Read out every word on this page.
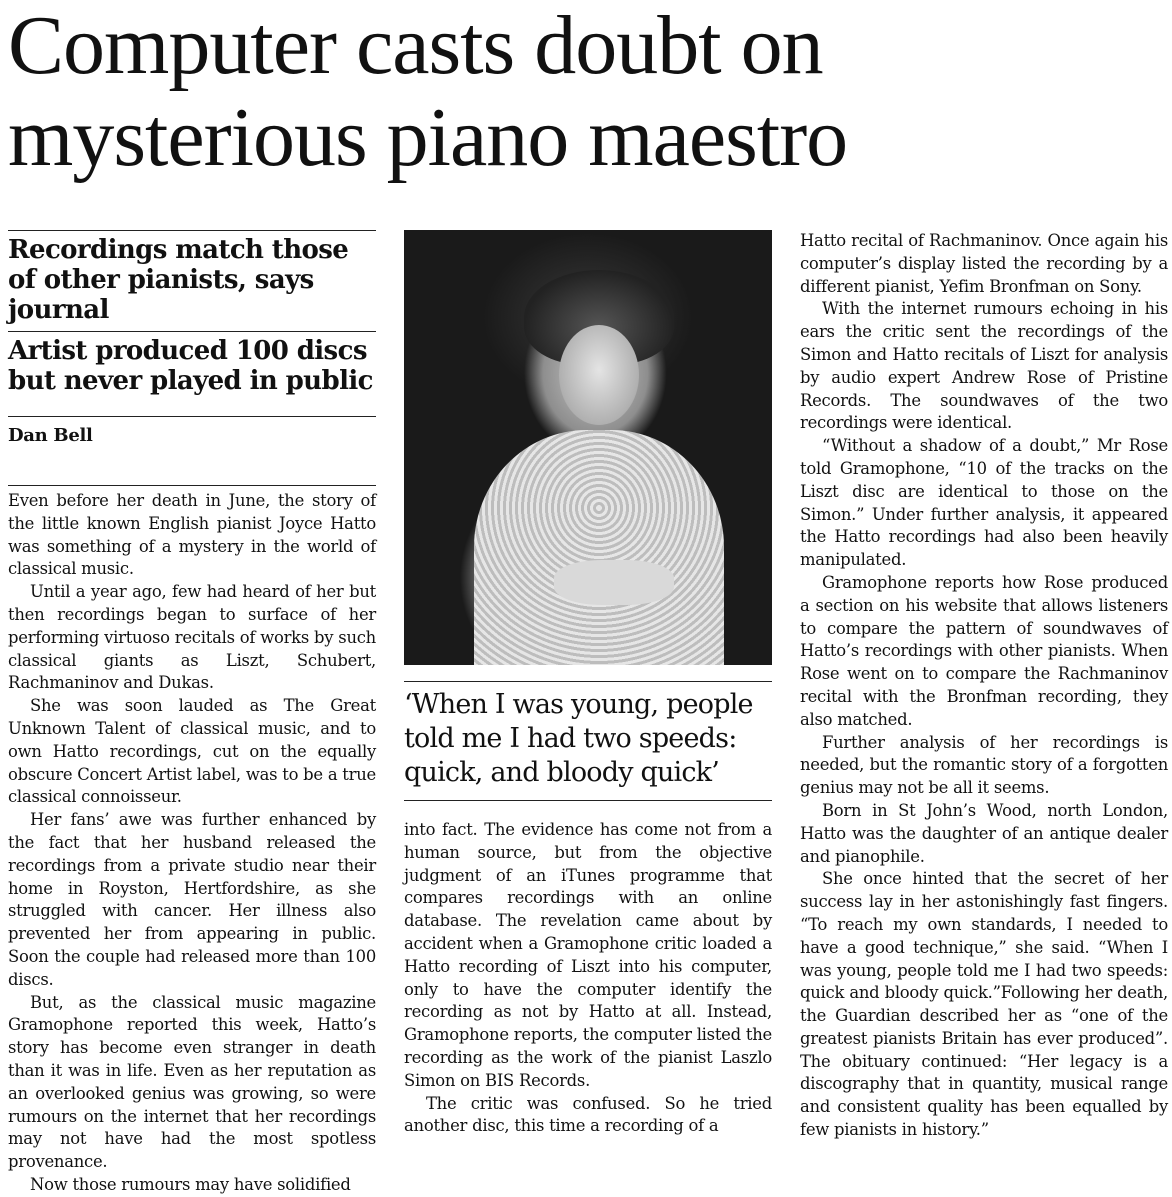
Computer casts doubt on mysterious piano maestro
Recordings match those of other pianists, says journal
Artist produced 100 discs but never played in public
Dan Bell

Even before her death in June, the story of the little known English pianist Joyce Hatto was something of a mystery in the world of classical music.

Until a year ago, few had heard of her but then recordings began to surface of her performing virtuoso recitals of works by such classical giants as Liszt, Schubert, Rachmaninov and Dukas.

She was soon lauded as The Great Unknown Talent of classical music, and to own Hatto recordings, cut on the equally obscure Concert Artist label, was to be a true classical connoisseur.

Her fans’ awe was further enhanced by the fact that her husband released the recordings from a private studio near their home in Royston, Hertfordshire, as she struggled with cancer. Her illness also prevented her from appearing in public. Soon the couple had released more than 100 discs.

But, as the classical music magazine Gramophone reported this week, Hatto’s story has become even stranger in death than it was in life. Even as her reputation as an overlooked genius was growing, so were rumours on the internet that her recordings may not have had the most spotless provenance.

Now those rumours may have solidified

‘When I was young, people told me I had two speeds: quick, and bloody quick’

into fact. The evidence has come not from a human source, but from the objective judgment of an iTunes programme that compares recordings with an online database. The revelation came about by accident when a Gramophone critic loaded a Hatto recording of Liszt into his computer, only to have the computer identify the recording as not by Hatto at all. Instead, Gramophone reports, the computer listed the recording as the work of the pianist Laszlo Simon on BIS Records.

The critic was confused. So he tried another disc, this time a recording of a

Hatto recital of Rachmaninov. Once again his computer’s display listed the recording by a different pianist, Yefim Bronfman on Sony.

With the internet rumours echoing in his ears the critic sent the recordings of the Simon and Hatto recitals of Liszt for analysis by audio expert Andrew Rose of Pristine Records. The soundwaves of the two recordings were identical.

“Without a shadow of a doubt,” Mr Rose told Gramophone, “10 of the tracks on the Liszt disc are identical to those on the Simon.” Under further analysis, it appeared the Hatto recordings had also been heavily manipulated.

Gramophone reports how Rose produced a section on his website that allows listeners to compare the pattern of soundwaves of Hatto’s recordings with other pianists. When Rose went on to compare the Rachmaninov recital with the Bronfman recording, they also matched.

Further analysis of her recordings is needed, but the romantic story of a forgotten genius may not be all it seems.

Born in St John’s Wood, north London, Hatto was the daughter of an antique dealer and pianophile.

She once hinted that the secret of her success lay in her astonishingly fast fingers. “To reach my own standards, I needed to have a good technique,” she said. “When I was young, people told me I had two speeds: quick and bloody quick.”Following her death, the Guardian described her as “one of the greatest pianists Britain has ever produced”. The obituary continued: “Her legacy is a discography that in quantity, musical range and consistent quality has been equalled by few pianists in history.”
